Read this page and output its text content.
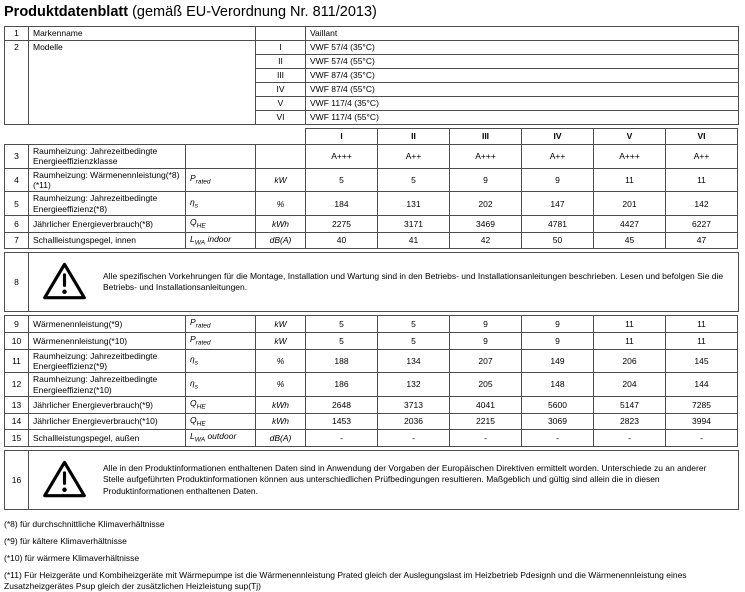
Produktdatenblatt (gemäß EU-Verordnung Nr. 811/2013)
1	Markenname		Vaillant
2	Modelle	I	VWF 57/4 (35°C)
		II	VWF 57/4 (55°C)
		III	VWF 87/4 (35°C)
		IV	VWF 87/4 (55°C)
		V	VWF 117/4 (35°C)
		VI	VWF 117/4 (55°C)
				I	II	III	IV	V	VI
3	Raumheizung: Jahrezeitbedingte Energieeffizienzklasse			A+++	A++	A+++	A++	A+++	A++
4	Raumheizung: Wärmenennleistung(*8) (*11)	$P_{rated}$	kW	5	5	9	9	11	11
5	Raumheizung: Jahrezeitbedingte Energieeffizienz(*8)	$\eta_s$	%	184	131	202	147	201	142
6	Jährlicher Energieverbrauch(*8)	$Q_{HE}$	kWh	2275	3171	3469	4781	4427	6227
7	Schallleistungspegel, innen	$L_{WA}$ indoor	dB(A)	40	41	42	50	45	47
8	
Alle spezifischen Vorkehrungen für die Montage, Installation und Wartung sind in den Betriebs- und Installationsanleitungen beschrieben. Lesen und befolgen Sie die Betriebs- und Installationsanleitungen.
9	Wärmenennleistung(*9)	$P_{rated}$	kW	5	5	9	9	11	11
10	Wärmenennleistung(*10)	$P_{rated}$	kW	5	5	9	9	11	11
11	Raumheizung: Jahrezeitbedingte Energieeffizienz(*9)	$\eta_s$	%	188	134	207	149	206	145
12	Raumheizung: Jahrezeitbedingte Energieeffizienz(*10)	$\eta_s$	%	186	132	205	148	204	144
13	Jährlicher Energieverbrauch(*9)	$Q_{HE}$	kWh	2648	3713	4041	5600	5147	7285
14	Jährlicher Energieverbrauch(*10)	$Q_{HE}$	kWh	1453	2036	2215	3069	2823	3994
15	Schallleistungspegel, außen	$L_{WA}$ outdoor	dB(A)	-	-	-	-	-	-
16	
Alle in den Produktinformationen enthaltenen Daten sind in Anwendung der Vorgaben der Europäischen Direktiven ermittelt worden. Unterschiede zu an anderer Stelle aufgeführten Produktinformationen können aus unterschiedlichen Prüfbedingungen resultieren. Maßgeblich und gültig sind allein die in diesen Produktinformationen enthaltenen Daten.
(*8) für durchschnittliche Klimaverhältnisse
(*9) für kältere Klimaverhältnisse
(*10) für wärmere Klimaverhältnisse
(*11) Für Heizgeräte und Kombiheizgeräte mit Wärmepumpe ist die Wärmenennleistung Prated gleich der Auslegungslast im Heizbetrieb Pdesignh und die Wärmenennleistung eines Zusatzheizgerätes Psup gleich der zusätzlichen Heizleistung sup(Tj)
